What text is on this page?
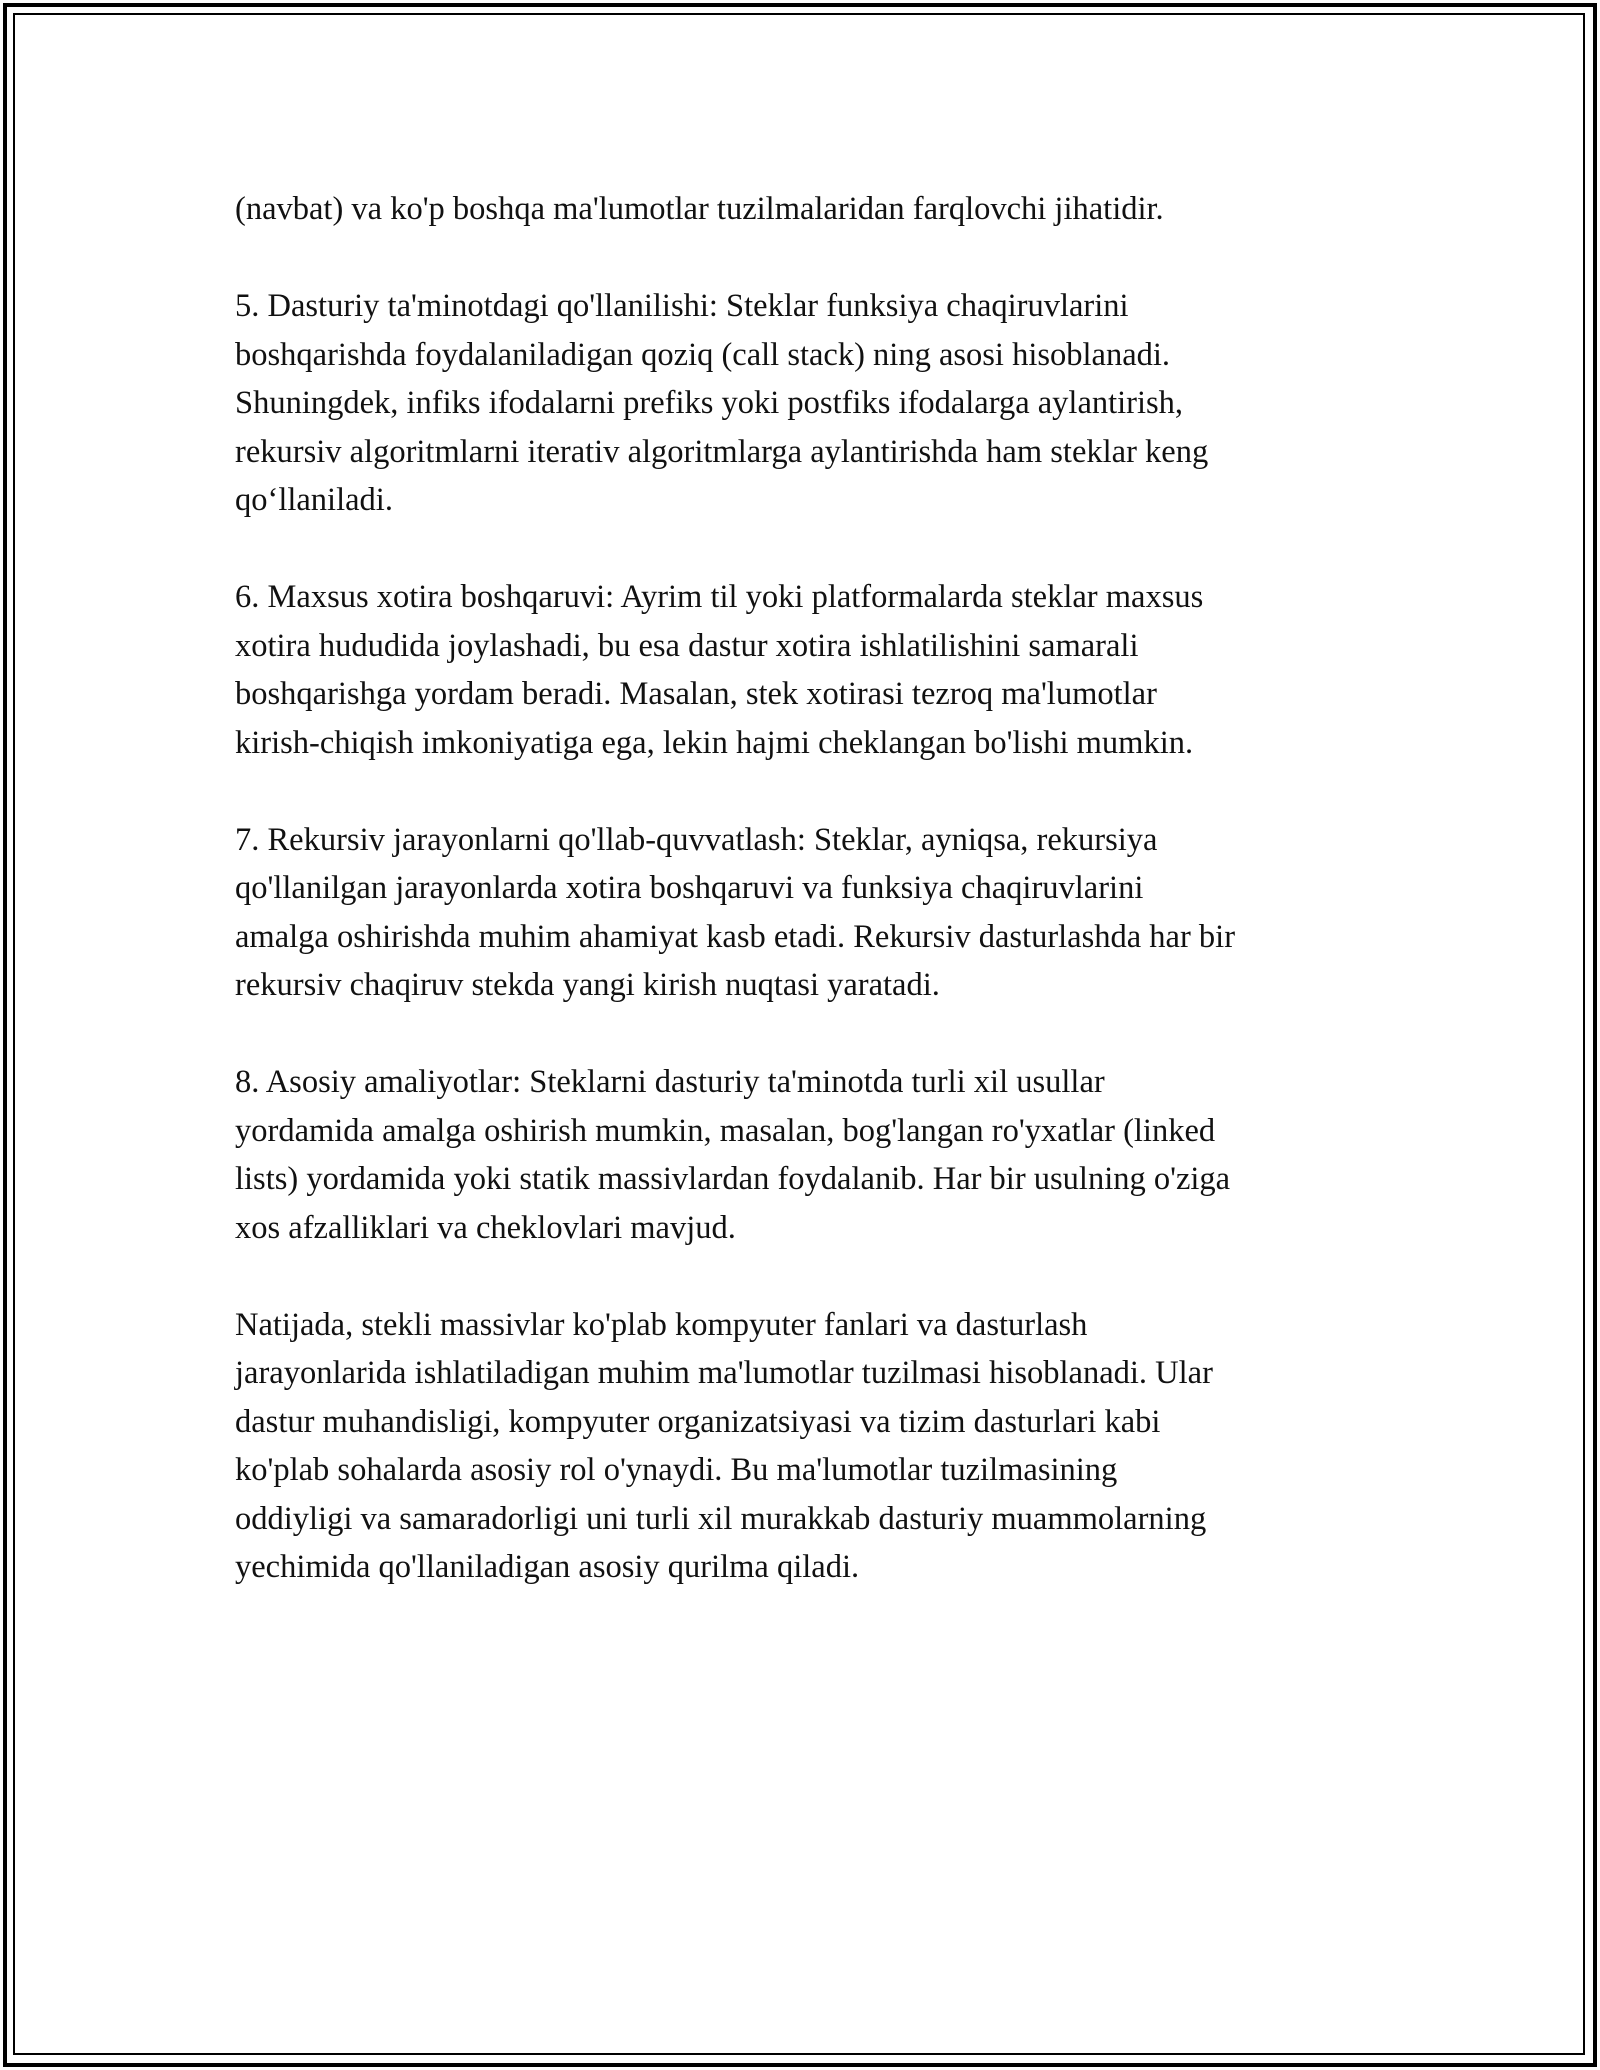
(navbat) va ko'p boshqa ma'lumotlar tuzilmalaridan farqlovchi jihatidir.

5. Dasturiy ta'minotdagi qo'llanilishi: Steklar funksiya chaqiruvlarini
boshqarishda foydalaniladigan qoziq (call stack) ning asosi hisoblanadi.
Shuningdek, infiks ifodalarni prefiks yoki postfiks ifodalarga aylantirish,
rekursiv algoritmlarni iterativ algoritmlarga aylantirishda ham steklar keng
qo‘llaniladi.

6. Maxsus xotira boshqaruvi: Ayrim til yoki platformalarda steklar maxsus
xotira hududida joylashadi, bu esa dastur xotira ishlatilishini samarali
boshqarishga yordam beradi. Masalan, stek xotirasi tezroq ma'lumotlar
kirish-chiqish imkoniyatiga ega, lekin hajmi cheklangan bo'lishi mumkin.

7. Rekursiv jarayonlarni qo'llab-quvvatlash: Steklar, ayniqsa, rekursiya
qo'llanilgan jarayonlarda xotira boshqaruvi va funksiya chaqiruvlarini
amalga oshirishda muhim ahamiyat kasb etadi. Rekursiv dasturlashda har bir
rekursiv chaqiruv stekda yangi kirish nuqtasi yaratadi.

8. Asosiy amaliyotlar: Steklarni dasturiy ta'minotda turli xil usullar
yordamida amalga oshirish mumkin, masalan, bog'langan ro'yxatlar (linked
lists) yordamida yoki statik massivlardan foydalanib. Har bir usulning o'ziga
xos afzalliklari va cheklovlari mavjud.

Natijada, stekli massivlar ko'plab kompyuter fanlari va dasturlash
jarayonlarida ishlatiladigan muhim ma'lumotlar tuzilmasi hisoblanadi. Ular
dastur muhandisligi, kompyuter organizatsiyasi va tizim dasturlari kabi
ko'plab sohalarda asosiy rol o'ynaydi. Bu ma'lumotlar tuzilmasining
oddiyligi va samaradorligi uni turli xil murakkab dasturiy muammolarning
yechimida qo'llaniladigan asosiy qurilma qiladi.
